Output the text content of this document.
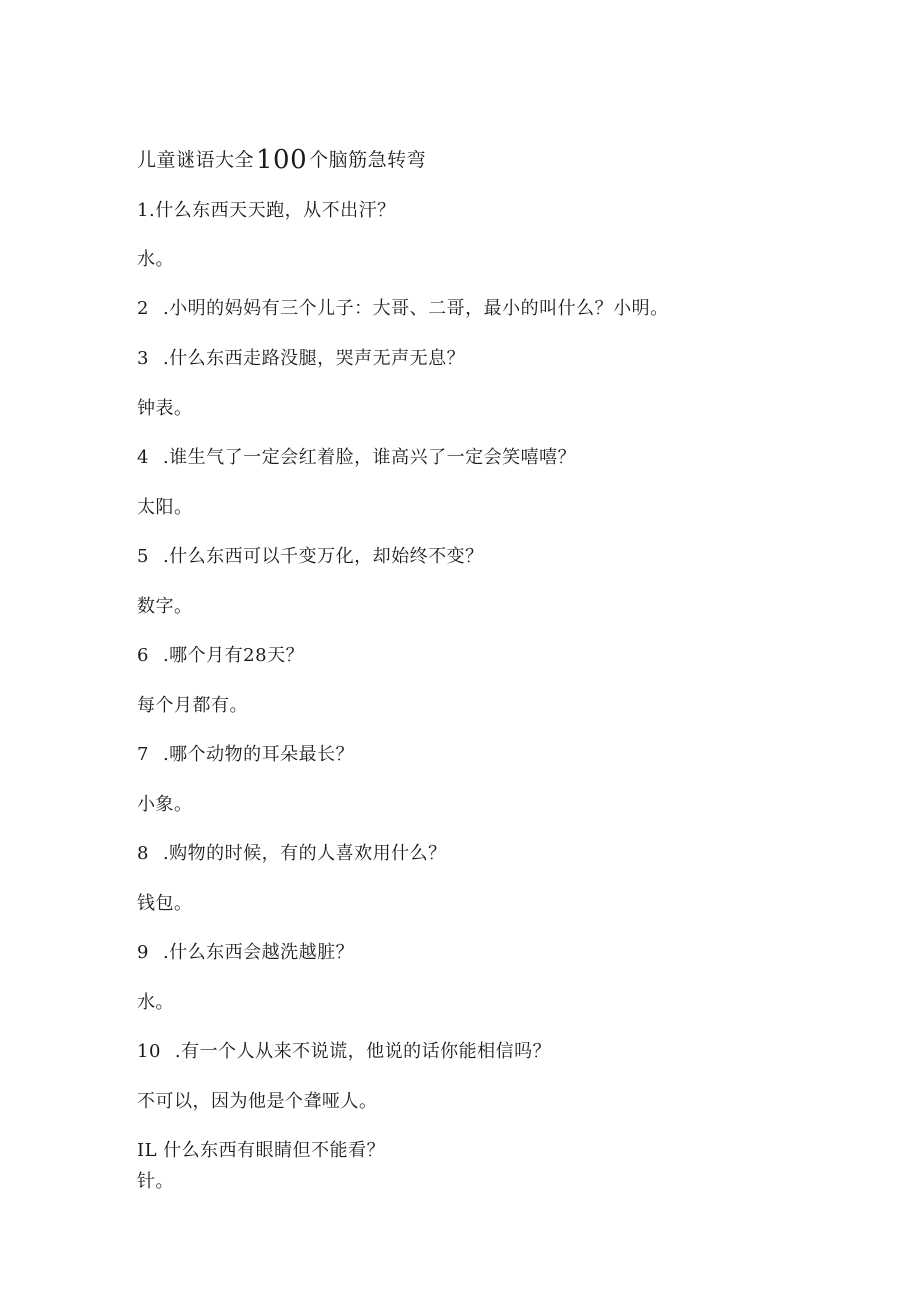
儿童谜语大全100 个脑筋急转弯
1.什么东西天天跑，从不出汗？
水。
2 .小明的妈妈有三个儿子：大哥、二哥，最小的叫什么？小明。
3 .什么东西走路没腿，哭声无声无息？
钟表。
4 .谁生气了一定会红着脸，谁高兴了一定会笑嘻嘻？
太阳。
5 .什么东西可以千变万化，却始终不变？
数字。
6 .哪个月有28天？
每个月都有。
7 .哪个动物的耳朵最长？
小象。
8 .购物的时候，有的人喜欢用什么？
钱包。
9 .什么东西会越洗越脏？
水。
10 .有一个人从来不说谎，他说的话你能相信吗？
不可以，因为他是个聋哑人。
IL 什么东西有眼睛但不能看？
针。
